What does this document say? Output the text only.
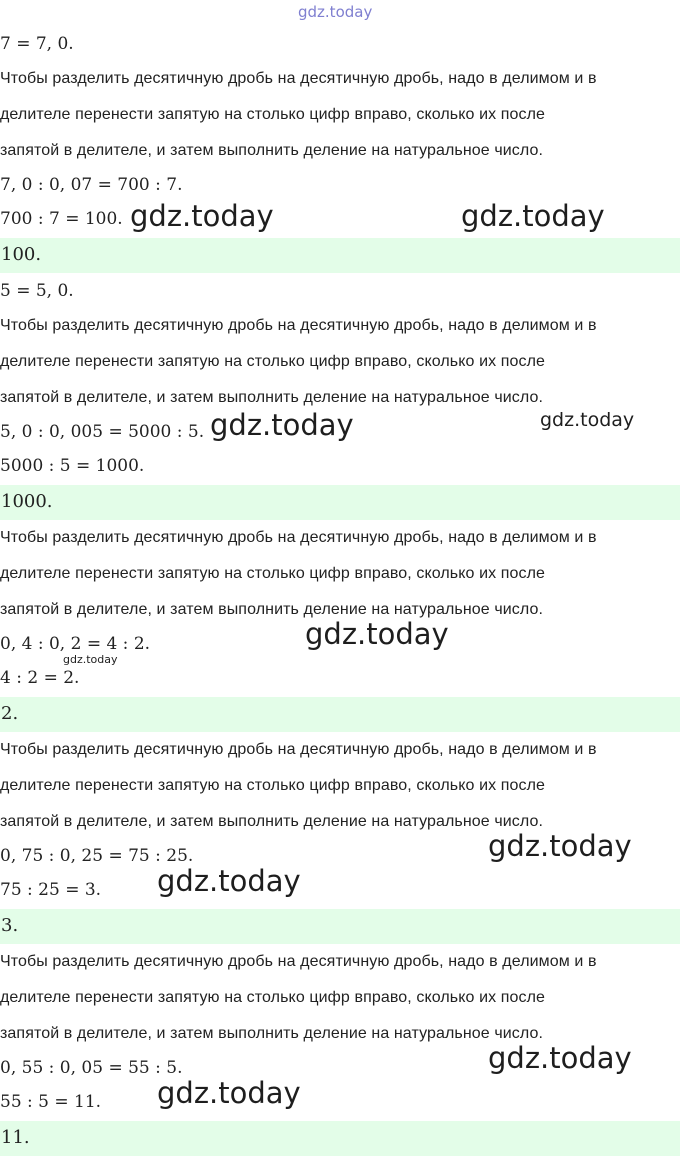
gdz.today
7 = 7, 0.
Чтобы разделить десятичную дробь на десятичную дробь, надо в делимом и в
делителе перенести запятую на столько цифр вправо, сколько их после
запятой в делителе, и затем выполнить деление на натуральное число.
7, 0 : 0, 07 = 700 : 7.
700 : 7 = 100.
100.
5 = 5, 0.
Чтобы разделить десятичную дробь на десятичную дробь, надо в делимом и в
делителе перенести запятую на столько цифр вправо, сколько их после
запятой в делителе, и затем выполнить деление на натуральное число.
5, 0 : 0, 005 = 5000 : 5.
5000 : 5 = 1000.
1000.
Чтобы разделить десятичную дробь на десятичную дробь, надо в делимом и в
делителе перенести запятую на столько цифр вправо, сколько их после
запятой в делителе, и затем выполнить деление на натуральное число.
0, 4 : 0, 2 = 4 : 2.
4 : 2 = 2.
2.
Чтобы разделить десятичную дробь на десятичную дробь, надо в делимом и в
делителе перенести запятую на столько цифр вправо, сколько их после
запятой в делителе, и затем выполнить деление на натуральное число.
0, 75 : 0, 25 = 75 : 25.
75 : 25 = 3.
3.
Чтобы разделить десятичную дробь на десятичную дробь, надо в делимом и в
делителе перенести запятую на столько цифр вправо, сколько их после
запятой в делителе, и затем выполнить деление на натуральное число.
0, 55 : 0, 05 = 55 : 5.
55 : 5 = 11.
11.
gdz.today	gdz.today
gdz.today	gdz.today
gdz.today
gdz.today
gdz.today
gdz.today
gdz.today
gdz.today
